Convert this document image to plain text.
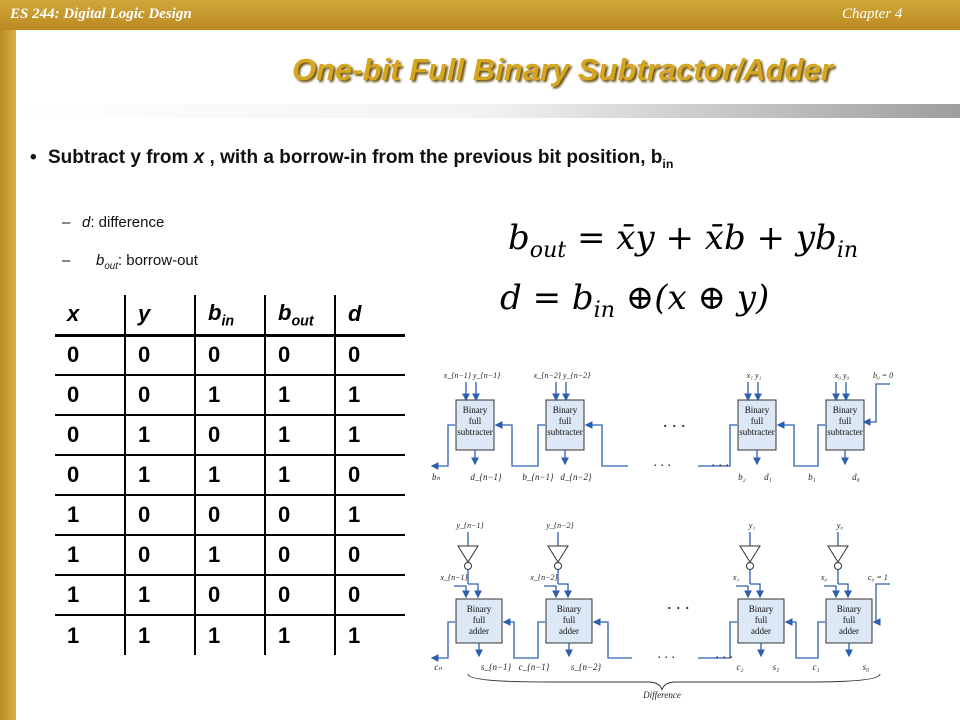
ES 244: Digital Logic Design	Chapter 4
One-bit Full Binary Subtractor/Adder
• Subtract y from x , with a borrow-in from the previous bit position, $b_{in}$
– d: difference
– $b_{out}$: borrow-out
$b_{out}$ = x̄y + x̄b + $yb_{in}$
$d = b_{in}$ ⊕(x ⊕ y)
x	y	$b_{in}$	$b_{out}$	d
0	0	0	0	0
0	0	1	1	1
0	1	0	1	1
0	1	1	1	0
1	0	0	0	1
1	0	1	0	0
1	1	0	0	0
1	1	1	1	1
Binary
full
subtracter
x_{n−1} y_{n−1}
Binary
full
subtracter
x_{n−2} y_{n−2}
Binary
full
subtracter
x₁ y₁
Binary
full
subtracter
x₀ y₀
d_{n−1} b_{n−1} d_{n−2}	b₂ d₁	b₁	d₀
b₀ = 0
· · ·	· · ·
· · ·
bₙ
y_{n−1}
x_{n−1}
Binary
full
adder
y_{n−2}
x_{n−2}
Binary
full
adder
y₁
x₁
Binary
full
adder
y₀
x₀
Binary
full
adder
s_{n−1} c_{n−1} s_{n−2}	c₂	s₁	c₁	s₀
c₀ = 1
· · ·	· · ·
· · ·
cₙ
Difference
